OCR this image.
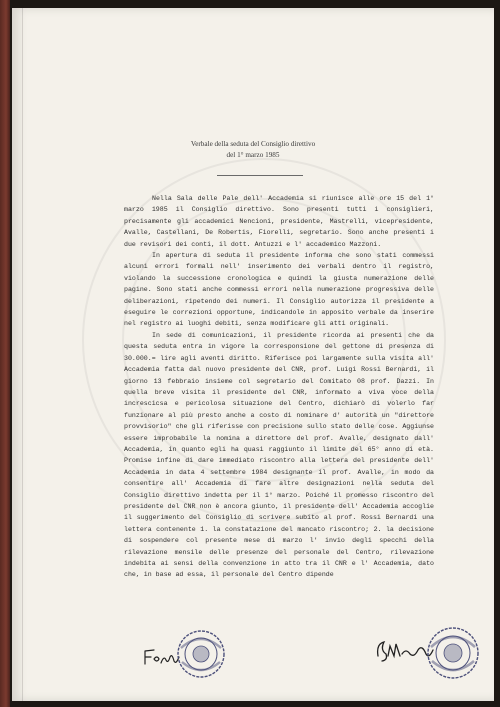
Verbale della seduta del Consiglio direttivo
del 1° marzo 1985

Nella Sala delle Pale dell' Accademia si riunisce alle ore 15 del 1° marzo 1985 il Consiglio direttivo. Sono presenti tutti i consiglieri, precisamente gli accademici Nencioni, presidente, Mastrelli, vicepresidente, Avalle, Castellani, De Robertis, Fiorelli, segretario. Sono anche presenti i due revisori dei conti, il dott. Antuzzi e l' accademico Mazzoni.

In apertura di seduta il presidente informa che sono stati commessi alcuni errori formali nell' inserimento dei verbali dentro il registro, violando la successione cronologica e quindi la giusta numerazione delle pagine. Sono stati anche commessi errori nella numerazione progressiva delle deliberazioni, ripetendo dei numeri. Il Consiglio autorizza il presidente a eseguire le correzioni opportune, indicandole in apposito verbale da inserire nel registro ai luoghi debiti, senza modificare gli atti originali.

In sede di comunicazioni, il presidente ricorda ai presenti che da questa seduta entra in vigore la corresponsione del gettone di presenza di 30.000.= lire agli aventi diritto. Riferisce poi largamente sulla visita all' Accademia fatta dal nuovo presidente del CNR, prof. Luigi Rossi Bernardi, il giorno 13 febbraio insieme col segretario del Comitato 08 prof. Dazzi. In quella breve visita il presidente del CNR, informato a viva voce della increscicsa e pericolosa situazione del Centro, dichiarò di volerlo far funzionare al più presto anche a costo di nominare d' autorità un "direttore provvisorio" che gli riferisse con precisione sullo stato delle cose. Aggiunse essere improbabile la nomina a direttore del prof. Avalle, designato dall' Accademia, in quanto egli ha quasi raggiunto il limite del 65° anno di età. Promise infine di dare immediato riscontro alla lettera del presidente dell' Accademia in data 4 settembre 1984 designante il prof. Avalle, in modo da consentire all' Accademia di fare altre designazioni nella seduta del Consiglio direttivo indetta per il 1° marzo. Poiché il promesso riscontro del presidente del CNR non è ancora giunto, il presidente dell' Accademia accoglie il suggerimento del Consiglio di scrivere subito al prof. Rossi Bernardi una lettera contenente 1. la constatazione del mancato riscontro; 2. la decisione di sospendere col presente mese di marzo l' invio degli specchi della rilevazione mensile delle presenze del personale del Centro, rilevazione indebita ai sensi della convenzione in atto tra il CNR e l' Accademia, dato che, in base ad essa, il personale del Centro dipende
